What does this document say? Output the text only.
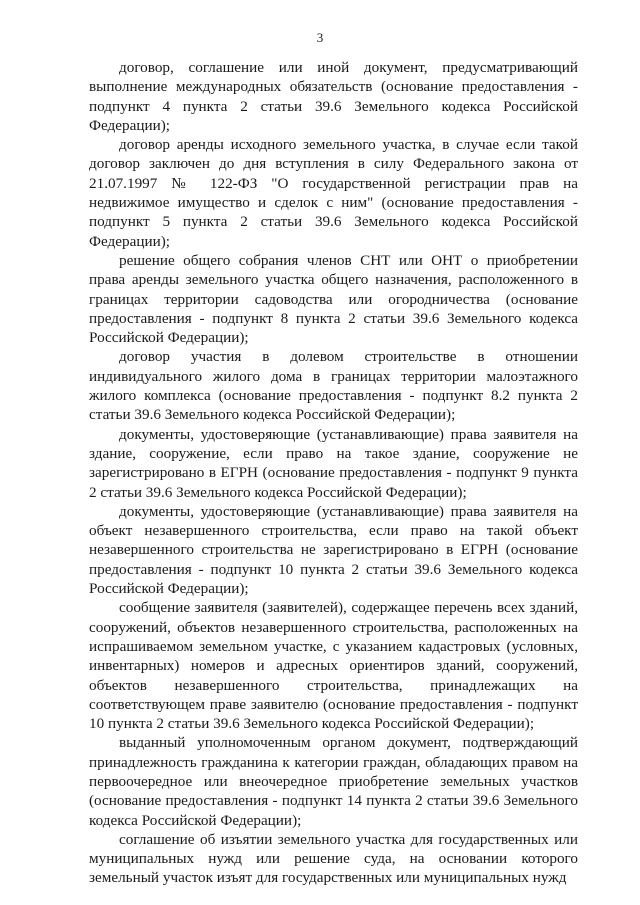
3

договор, соглашение или иной документ, предусматривающий выполнение международных обязательств (основание предоставления - подпункт 4 пункта 2 статьи 39.6 Земельного кодекса Российской Федерации);

договор аренды исходного земельного участка, в случае если такой договор заключен до дня вступления в силу Федерального закона от 21.07.1997 № 122-ФЗ "О государственной регистрации прав на недвижимое имущество и сделок с ним" (основание предоставления - подпункт 5 пункта 2 статьи 39.6 Земельного кодекса Российской Федерации);

решение общего собрания членов СНТ или ОНТ о приобретении права аренды земельного участка общего назначения, расположенного в границах территории садоводства или огородничества (основание предоставления - подпункт 8 пункта 2 статьи 39.6 Земельного кодекса Российской Федерации);

договор участия в долевом строительстве в отношении индивидуального жилого дома в границах территории малоэтажного жилого комплекса (основание предоставления - подпункт 8.2 пункта 2 статьи 39.6 Земельного кодекса Российской Федерации);

документы, удостоверяющие (устанавливающие) права заявителя на здание, сооружение, если право на такое здание, сооружение не зарегистрировано в ЕГРН (основание предоставления - подпункт 9 пункта 2 статьи 39.6 Земельного кодекса Российской Федерации);

документы, удостоверяющие (устанавливающие) права заявителя на объект незавершенного строительства, если право на такой объект незавершенного строительства не зарегистрировано в ЕГРН (основание предоставления - подпункт 10 пункта 2 статьи 39.6 Земельного кодекса Российской Федерации);

сообщение заявителя (заявителей), содержащее перечень всех зданий, сооружений, объектов незавершенного строительства, расположенных на испрашиваемом земельном участке, с указанием кадастровых (условных, инвентарных) номеров и адресных ориентиров зданий, сооружений, объектов незавершенного строительства, принадлежащих на соответствующем праве заявителю (основание предоставления - подпункт 10 пункта 2 статьи 39.6 Земельного кодекса Российской Федерации);

выданный уполномоченным органом документ, подтверждающий принадлежность гражданина к категории граждан, обладающих правом на первоочередное или внеочередное приобретение земельных участков (основание предоставления - подпункт 14 пункта 2 статьи 39.6 Земельного кодекса Российской Федерации);

соглашение об изъятии земельного участка для государственных или муниципальных нужд или решение суда, на основании которого земельный участок изъят для государственных или муниципальных нужд
